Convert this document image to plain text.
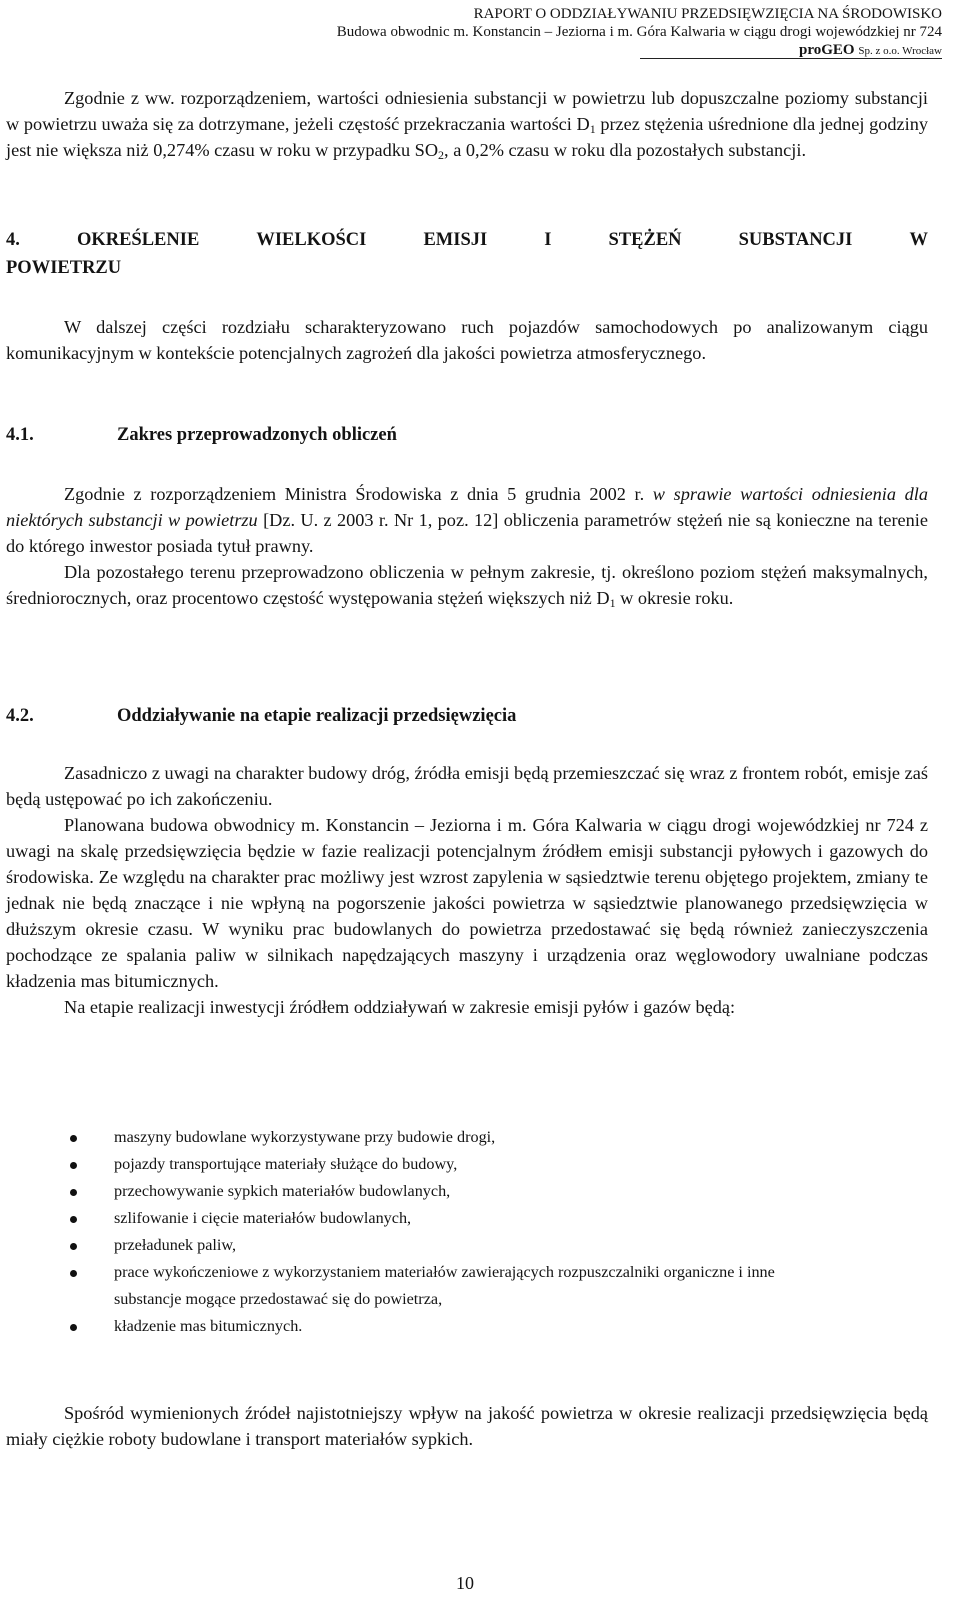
RAPORT O ODDZIAŁYWANIU PRZEDSIĘWZIĘCIA NA ŚRODOWISKO
Budowa obwodnic m. Konstancin – Jeziorna i m. Góra Kalwaria w ciągu drogi wojewódzkiej nr 724
proGEO Sp. z o.o. Wrocław

Zgodnie z ww. rozporządzeniem, wartości odniesienia substancji w powietrzu lub dopuszczalne poziomy substancji w powietrzu uważa się za dotrzymane, jeżeli częstość przekraczania wartości $D_1$ przez stężenia uśrednione dla jednej godziny jest nie większa niż 0,274% czasu w roku w przypadku $SO_2$, a 0,2% czasu w roku dla pozostałych substancji.

4.	OKREŚLENIE	WIELKOŚCI	EMISJI	I	STĘŻEŃ	SUBSTANCJI	W
POWIETRZU

W dalszej części rozdziału scharakteryzowano ruch pojazdów samochodowych po analizowanym ciągu komunikacyjnym w kontekście potencjalnych zagrożeń dla jakości powietrza atmosferycznego.

4.1.	Zakres przeprowadzonych obliczeń

Zgodnie z rozporządzeniem Ministra Środowiska z dnia 5 grudnia 2002 r. w sprawie wartości odniesienia dla niektórych substancji w powietrzu [Dz. U. z 2003 r. Nr 1, poz. 12] obliczenia parametrów stężeń nie są konieczne na terenie do którego inwestor posiada tytuł prawny.

Dla pozostałego terenu przeprowadzono obliczenia w pełnym zakresie, tj. określono poziom stężeń maksymalnych, średniorocznych, oraz procentowo częstość występowania stężeń większych niż $D_1$ w okresie roku.

4.2.	Oddziaływanie na etapie realizacji przedsięwzięcia

Zasadniczo z uwagi na charakter budowy dróg, źródła emisji będą przemieszczać się wraz z frontem robót, emisje zaś będą ustępować po ich zakończeniu.

Planowana budowa obwodnicy m. Konstancin – Jeziorna i m. Góra Kalwaria w ciągu drogi wojewódzkiej nr 724 z uwagi na skalę przedsięwzięcia będzie w fazie realizacji potencjalnym źródłem emisji substancji pyłowych i gazowych do środowiska. Ze względu na charakter prac możliwy jest wzrost zapylenia w sąsiedztwie terenu objętego projektem, zmiany te jednak nie będą znaczące i nie wpłyną na pogorszenie jakości powietrza w sąsiedztwie planowanego przedsięwzięcia w dłuższym okresie czasu. W wyniku prac budowlanych do powietrza przedostawać się będą również zanieczyszczenia pochodzące ze spalania paliw w silnikach napędzających maszyny i urządzenia oraz węglowodory uwalniane podczas kładzenia mas bitumicznych.

Na etapie realizacji inwestycji źródłem oddziaływań w zakresie emisji pyłów i gazów będą:

maszyny budowlane wykorzystywane przy budowie drogi,
pojazdy transportujące materiały służące do budowy,
przechowywanie sypkich materiałów budowlanych,
szlifowanie i cięcie materiałów budowlanych,
przeładunek paliw,
prace wykończeniowe z wykorzystaniem materiałów zawierających rozpuszczalniki organiczne i inne substancje mogące przedostawać się do powietrza,
kładzenie mas bitumicznych.

Spośród wymienionych źródeł najistotniejszy wpływ na jakość powietrza w okresie realizacji przedsięwzięcia będą miały ciężkie roboty budowlane i transport materiałów sypkich.

10
